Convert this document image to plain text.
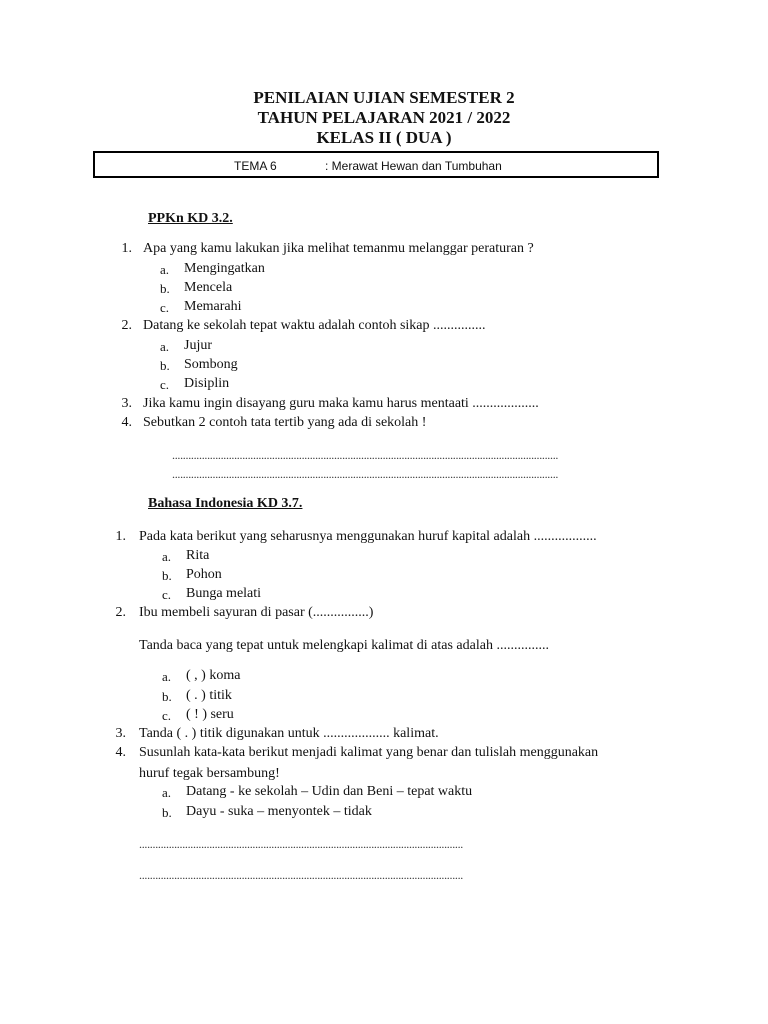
PENILAIAN UJIAN SEMESTER 2
TAHUN PELAJARAN 2021 / 2022
KELAS II ( DUA )
TEMA 6	: Merawat Hewan dan Tumbuhan
PPKn KD 3.2.
1. Apa yang kamu lakukan jika melihat temanmu melanggar peraturan ?
a. Mengingatkan
b. Mencela
c. Memarahi
2. Datang ke sekolah tepat waktu adalah contoh sikap ...............
a. Jujur
b. Sombong
c. Disiplin
3. Jika kamu ingin disayang guru maka kamu harus mentaati ...................
4. Sebutkan 2 contoh tata tertib yang ada di sekolah !
...............................................................................................................................................
...............................................................................................................................................
Bahasa Indonesia KD 3.7.
1. Pada kata berikut yang seharusnya menggunakan huruf kapital adalah ..................
a. Rita
b. Pohon
c. Bunga melati
2. Ibu membeli sayuran di pasar (................)
Tanda baca yang tepat untuk melengkapi kalimat di atas adalah ...............
a. ( , ) koma
b. ( . ) titik
c. ( ! ) seru
3. Tanda ( . ) titik digunakan untuk ................... kalimat.
4. Susunlah kata-kata berikut menjadi kalimat yang benar dan tulislah menggunakan
huruf tegak bersambung!
a. Datang - ke sekolah – Udin dan Beni – tepat waktu
b. Dayu - suka – menyontek – tidak
........................................................................................................................
........................................................................................................................
